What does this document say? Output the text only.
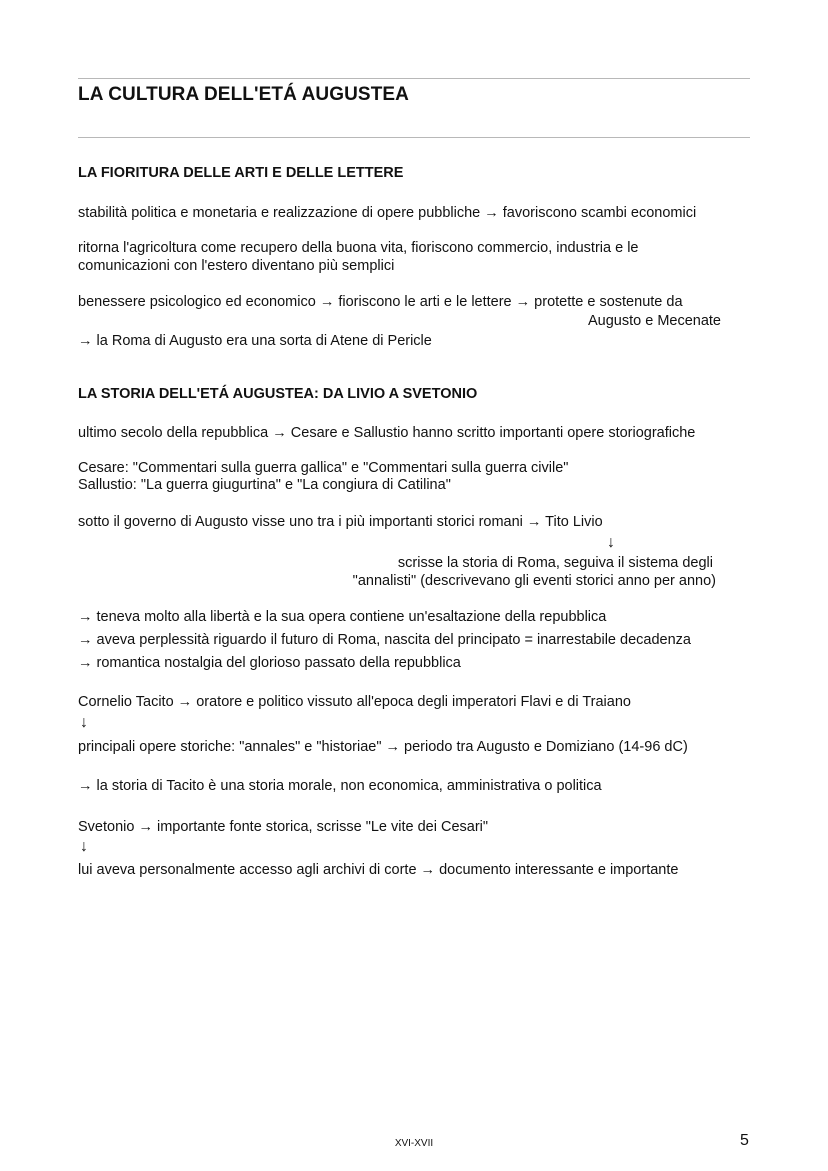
LA CULTURA DELL'ETÁ AUGUSTEA
LA FIORITURA DELLE ARTI E DELLE LETTERE

stabilità politica e monetaria e realizzazione di opere pubbliche → favoriscono scambi economici

ritorna l'agricoltura come recupero della buona vita, fioriscono commercio, industria e le

comunicazioni con l'estero diventano più semplici

benessere psicologico ed economico → fioriscono le arti e le lettere → protette e sostenute da

Augusto e Mecenate

→ la Roma di Augusto era una sorta di Atene di Pericle

LA STORIA DELL'ETÁ AUGUSTEA: DA LIVIO A SVETONIO

ultimo secolo della repubblica → Cesare e Sallustio hanno scritto importanti opere storiografiche

Cesare: "Commentari sulla guerra gallica" e "Commentari sulla guerra civile"

Sallustio: "La guerra giugurtina" e "La congiura di Catilina"

sotto il governo di Augusto visse uno tra i più importanti storici romani → Tito Livio

↓
scrisse la storia di Roma, seguiva il sistema degli
"annalisti" (descrivevano gli eventi storici anno per anno)

→ teneva molto alla libertà e la sua opera contiene un'esaltazione della repubblica

→ aveva perplessità riguardo il futuro di Roma, nascita del principato = inarrestabile decadenza

→ romantica nostalgia del glorioso passato della repubblica

Cornelio Tacito → oratore e politico vissuto all'epoca degli imperatori Flavi e di Traiano

↓

principali opere storiche: "annales" e "historiae" → periodo tra Augusto e Domiziano (14-96 dC)

→ la storia di Tacito è una storia morale, non economica, amministrativa o politica

Svetonio → importante fonte storica, scrisse "Le vite dei Cesari"

↓

lui aveva personalmente accesso agli archivi di corte → documento interessante e importante

XVI-XVII	5
